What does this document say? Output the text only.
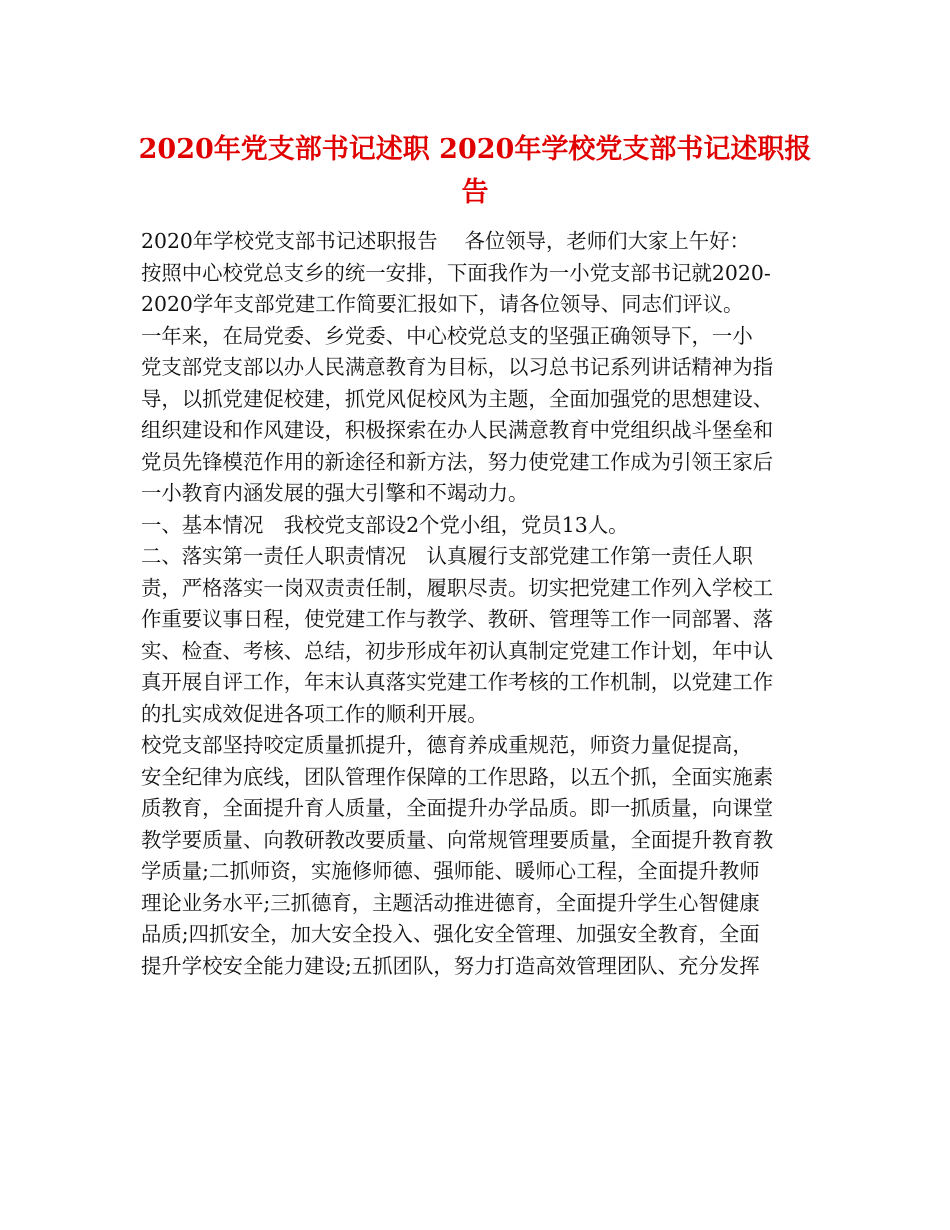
2020年党支部书记述职 2020年学校党支部书记述职报
告
2020年学校党支部书记述职报告　 各位领导，老师们大家上午好：
按照中心校党总支乡的统一安排，下面我作为一小党支部书记就2020-
2020学年支部党建工作简要汇报如下，请各位领导、同志们评议。
一年来，在局党委、乡党委、中心校党总支的坚强正确领导下，一小
党支部党支部以办人民满意教育为目标，以习总书记系列讲话精神为指
导，以抓党建促校建，抓党风促校风为主题，全面加强党的思想建设、
组织建设和作风建设，积极探索在办人民满意教育中党组织战斗堡垒和
党员先锋模范作用的新途径和新方法，努力使党建工作成为引领王家后
一小教育内涵发展的强大引擎和不竭动力。
一、基本情况　我校党支部设2个党小组，党员13人。
二、落实第一责任人职责情况　认真履行支部党建工作第一责任人职
责，严格落实一岗双责责任制，履职尽责。切实把党建工作列入学校工
作重要议事日程，使党建工作与教学、教研、管理等工作一同部署、落
实、检查、考核、总结，初步形成年初认真制定党建工作计划，年中认
真开展自评工作，年末认真落实党建工作考核的工作机制，以党建工作
的扎实成效促进各项工作的顺利开展。
校党支部坚持咬定质量抓提升，德育养成重规范，师资力量促提高，
安全纪律为底线，团队管理作保障的工作思路，以五个抓，全面实施素
质教育，全面提升育人质量，全面提升办学品质。即一抓质量，向课堂
教学要质量、向教研教改要质量、向常规管理要质量，全面提升教育教
学质量;二抓师资，实施修师德、强师能、暖师心工程，全面提升教师
理论业务水平;三抓德育，主题活动推进德育，全面提升学生心智健康
品质;四抓安全，加大安全投入、强化安全管理、加强安全教育，全面
提升学校安全能力建设;五抓团队，努力打造高效管理团队、充分发挥
